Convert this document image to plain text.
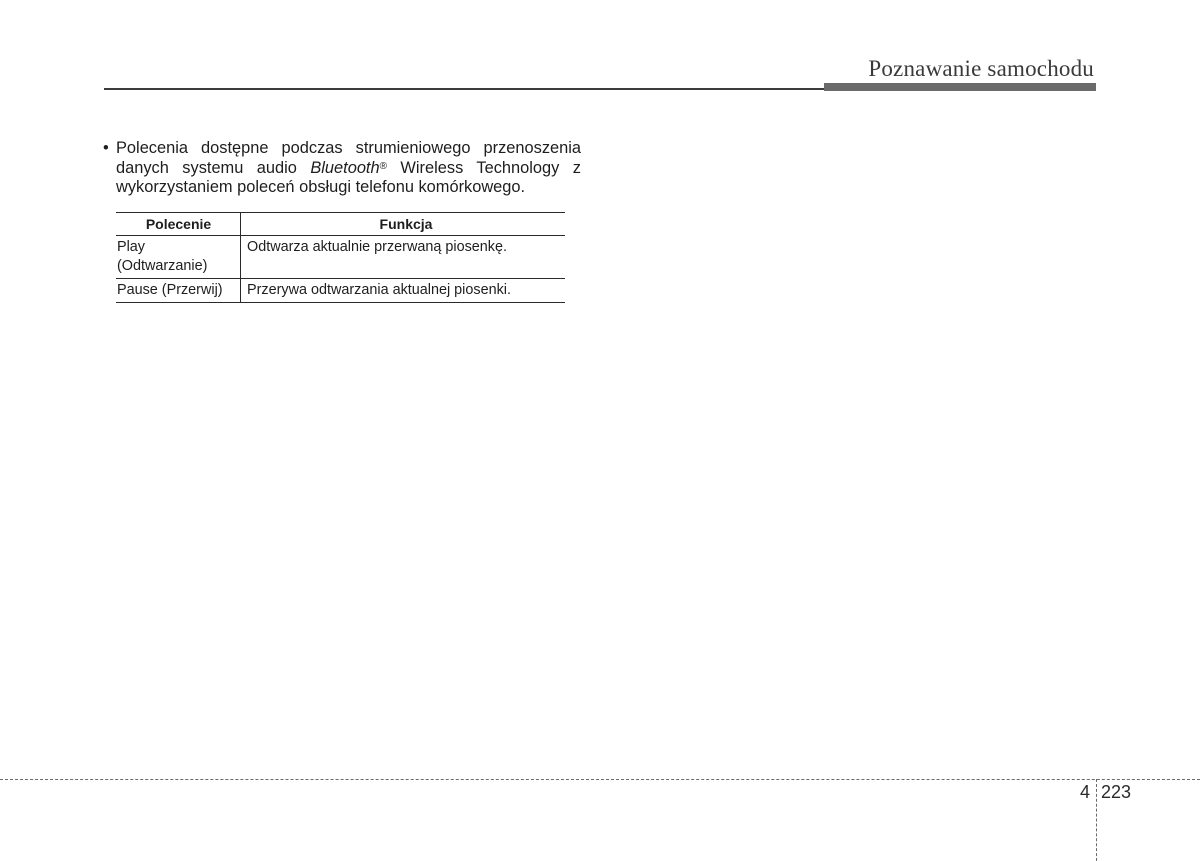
Poznawanie samochodu
• Polecenia dostępne podczas strumieniowego przenoszenia danych systemu audio Bluetooth® Wireless Technology z wykorzystaniem poleceń obsługi telefonu komórkowego.
Polecenie	Funkcja

Play
(Odtwarzanie)	Odtwarza aktualnie przerwaną piosenkę.

Pause (Przerwij)	Przerywa odtwarzania aktualnej piosenki.
4 223
